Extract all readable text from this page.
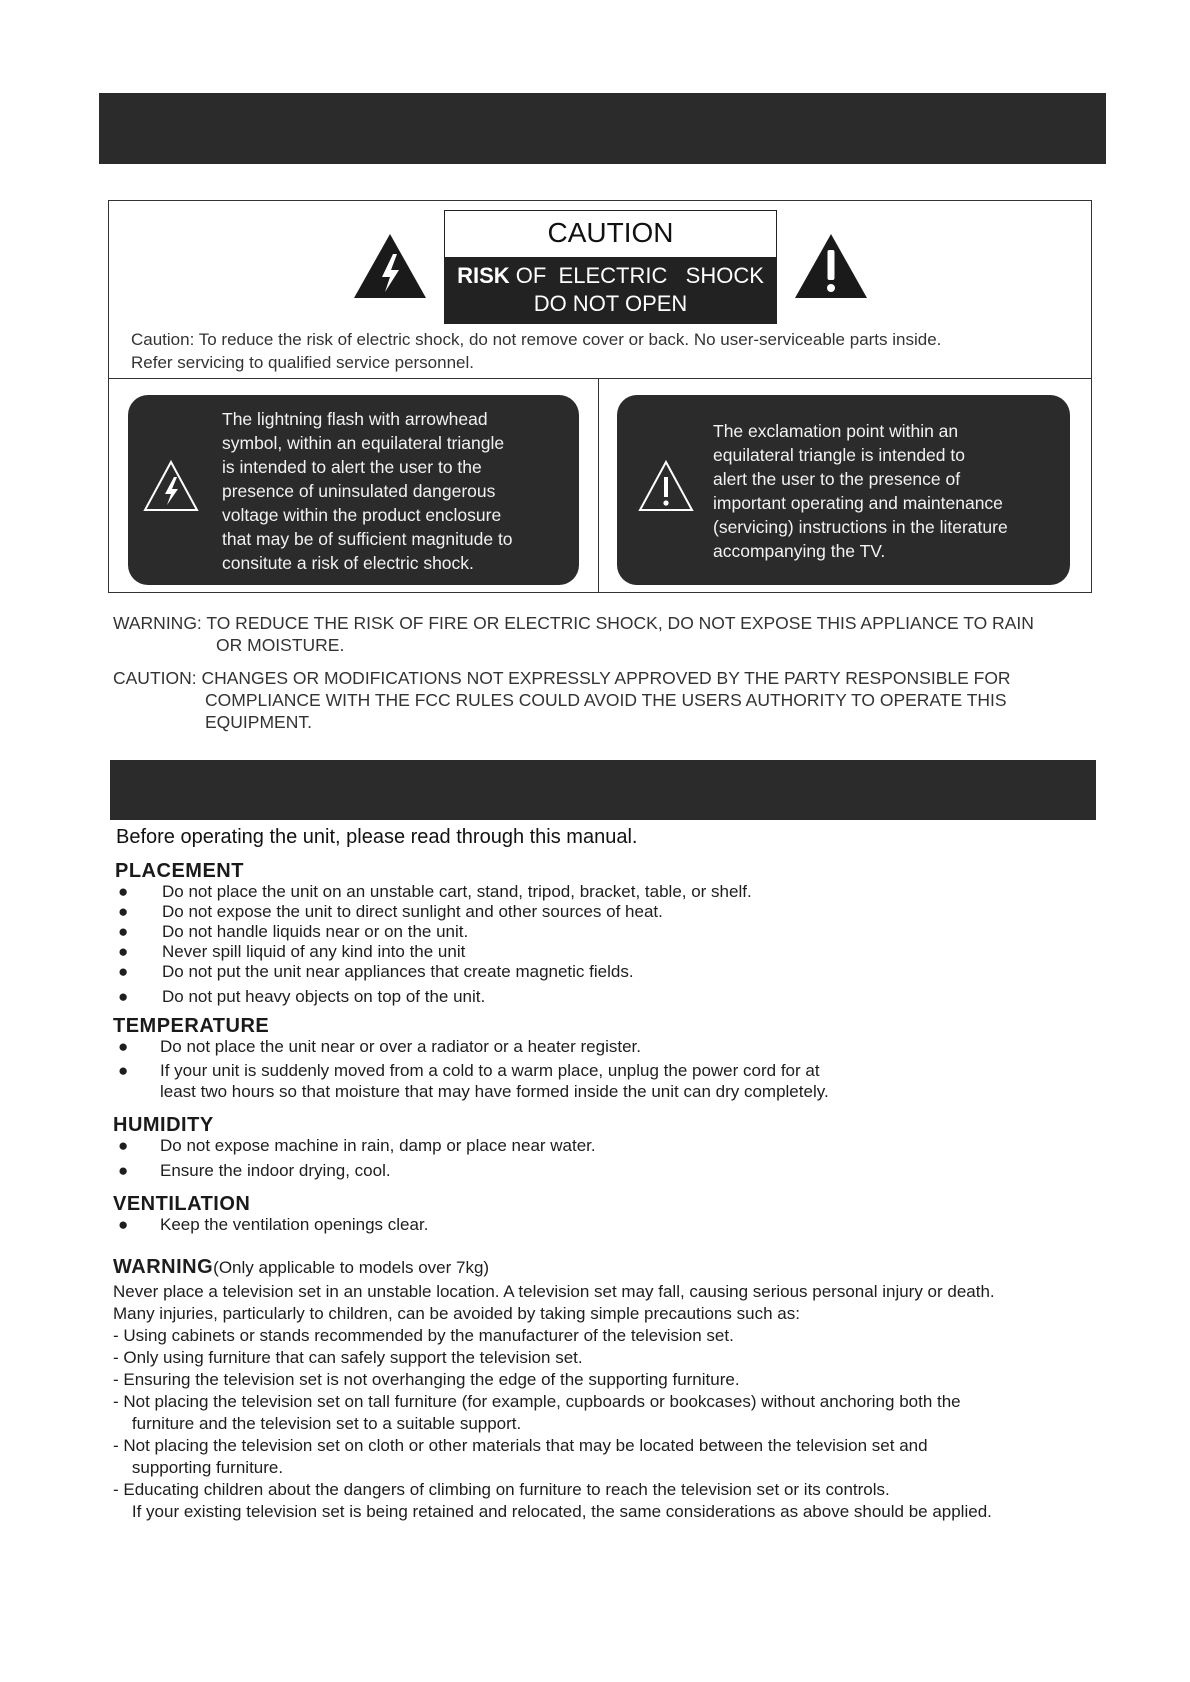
CAUTION
RISK OF  ELECTRIC   SHOCK
DO NOT OPEN
Caution: To reduce the risk of electric shock, do not remove cover or back. No user-serviceable parts inside.
Refer servicing to qualified service personnel.
The lightning flash with arrowhead
symbol, within an equilateral triangle
is intended to alert the user to the
presence of uninsulated dangerous
voltage within the product enclosure
that may be of sufficient magnitude to
consitute a risk of electric shock.
The exclamation point within an
equilateral triangle is intended to
alert the user to the presence of
important operating and maintenance
(servicing) instructions in the literature
accompanying the TV.
WARNING: TO REDUCE THE RISK OF FIRE OR ELECTRIC SHOCK, DO NOT EXPOSE THIS APPLIANCE TO RAIN
OR MOISTURE.
CAUTION: CHANGES OR MODIFICATIONS NOT EXPRESSLY APPROVED BY THE PARTY RESPONSIBLE FOR
COMPLIANCE WITH THE FCC RULES COULD AVOID THE USERS AUTHORITY TO OPERATE THIS
EQUIPMENT.
Before operating the unit, please read through this manual.
PLACEMENT
● Do not place the unit on an unstable cart, stand, tripod, bracket, table, or shelf.
● Do not expose the unit to direct sunlight and other sources of heat.
● Do not handle liquids near or on the unit.
● Never spill liquid of any kind into the unit
● Do not put the unit near appliances that create magnetic fields.
● Do not put heavy objects on top of the unit.
TEMPERATURE
● Do not place the unit near or over a radiator or a heater register.
● If your unit is suddenly moved from a cold to a warm place, unplug the power cord for at
least two hours so that moisture that may have formed inside the unit can dry completely.
HUMIDITY
● Do not expose machine in rain, damp or place near water.
● Ensure the indoor drying, cool.
VENTILATION
● Keep the ventilation openings clear.
WARNING(Only applicable to models over 7kg)
Never place a television set in an unstable location. A television set may fall, causing serious personal injury or death.
Many injuries, particularly to children, can be avoided by taking simple precautions such as:
- Using cabinets or stands recommended by the manufacturer of the television set.
- Only using furniture that can safely support the television set.
- Ensuring the television set is not overhanging the edge of the supporting furniture.
- Not placing the television set on tall furniture (for example, cupboards or bookcases) without anchoring both the
furniture and the television set to a suitable support.
- Not placing the television set on cloth or other materials that may be located between the television set and
supporting furniture.
- Educating children about the dangers of climbing on furniture to reach the television set or its controls.
If your existing television set is being retained and relocated, the same considerations as above should be applied.
